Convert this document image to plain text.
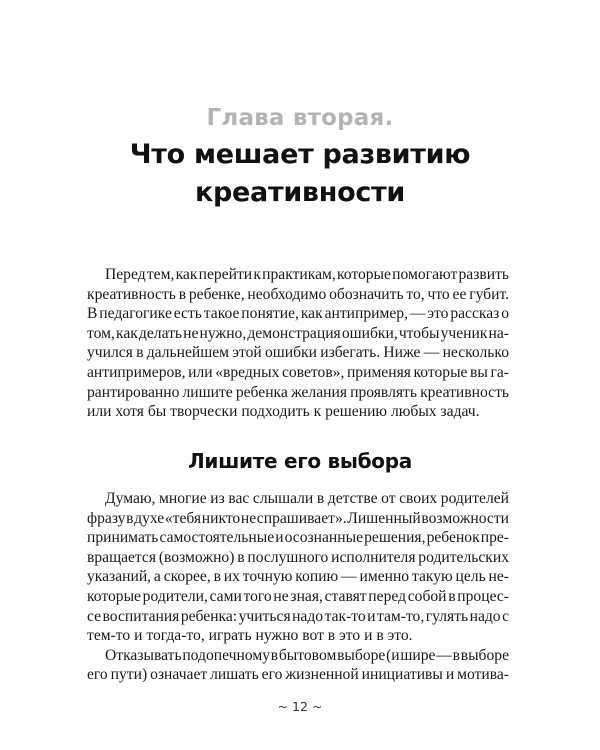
Глава вторая.
Что мешает развитию
креативности
Перед тем, как перейти к практикам, которые помогают развить
креативность в ребенке, необходимо обозначить то, что ее губит.
В педагогике есть такое понятие, как антипример, — это рассказ о
том, как делать не нужно, демонстрация ошибки, чтобы ученик на-
учился в дальнейшем этой ошибки избегать. Ниже — несколько
антипримеров, или «вредных советов», применяя которые вы га-
рантированно лишите ребенка желания проявлять креативность
или хотя бы творчески подходить к решению любых задач.
Лишите его выбора
Думаю, многие из вас слышали в детстве от своих родителей
фразу в духе «тебя никто не спрашивает». Лишенный возможности
принимать самостоятельные и осознанные решения, ребенок пре-
вращается (возможно) в послушного исполнителя родительских
указаний, а скорее, в их точную копию — именно такую цель не-
которые родители, сами того не зная, ставят перед собой в процес-
се воспитания ребенка: учиться надо так-то и там-то, гулять надо с
тем-то и тогда-то, играть нужно вот в это и в это.
Отказывать подопечному в бытовом выборе (и шире — в выборе
его пути) означает лишать его жизненной инициативы и мотива-
~ 12 ~
